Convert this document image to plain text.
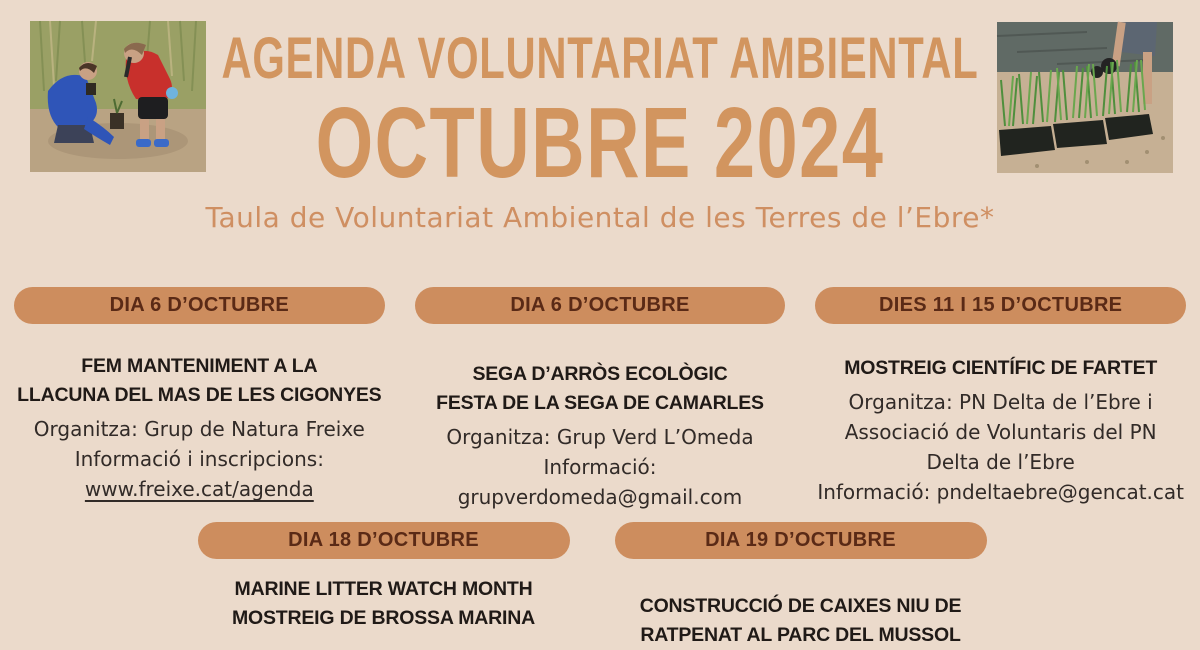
AGENDA VOLUNTARIAT AMBIENTAL
OCTUBRE 2024
Taula de Voluntariat Ambiental de les Terres de l’Ebre*
DIA 6 D’OCTUBRE
FEM MANTENIMENT A LA
LLACUNA DEL MAS DE LES CIGONYES
Organitza: Grup de Natura Freixe
Informació i inscripcions:
www.freixe.cat/agenda
DIA 6 D’OCTUBRE
SEGA D’ARRÒS ECOLÒGIC
FESTA DE LA SEGA DE CAMARLES
Organitza: Grup Verd L’Omeda
Informació: grupverdomeda@gmail.com
DIES 11 I 15 D’OCTUBRE
MOSTREIG CIENTÍFIC DE FARTET
Organitza: PN Delta de l’Ebre i
Associació de Voluntaris del PN
Delta de l’Ebre
Informació: pndeltaebre@gencat.cat
DIA 18 D’OCTUBRE
MARINE LITTER WATCH MONTH
MOSTREIG DE BROSSA MARINA
DIA 19 D’OCTUBRE
CONSTRUCCIÓ DE CAIXES NIU DE
RATPENAT AL PARC DEL MUSSOL
